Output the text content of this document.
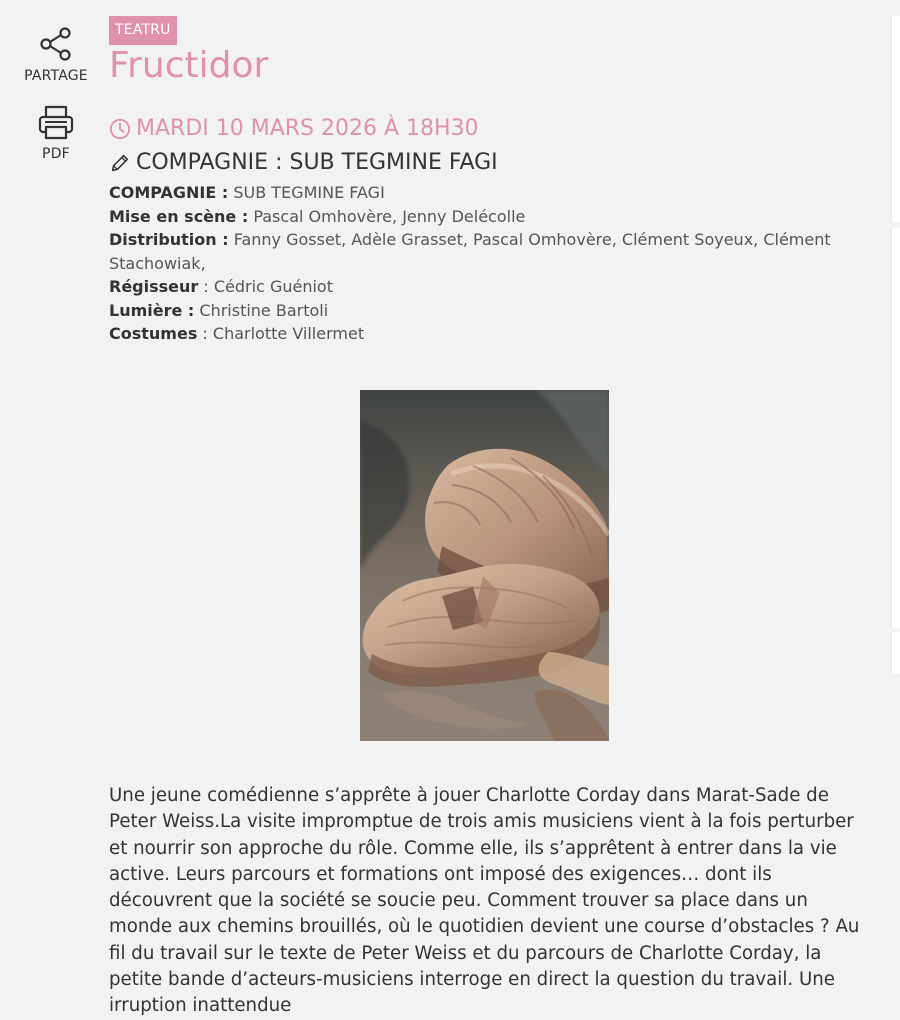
PARTAGE
PDF
TEATRU
Fructidor
MARDI 10 MARS 2026 À 18H30
COMPAGNIE : SUB TEGMINE FAGI
COMPAGNIE : SUB TEGMINE FAGI
Mise en scène : Pascal Omhovère, Jenny Delécolle
Distribution : Fanny Gosset, Adèle Grasset, Pascal Omhovère, Clément Soyeux, Clément Stachowiak,
Régisseur : Cédric Guéniot
Lumière : Christine Bartoli
Costumes : Charlotte Villermet

Une jeune comédienne s’apprête à jouer Charlotte Corday dans Marat-Sade de Peter Weiss.La visite impromptue de trois amis musiciens vient à la fois perturber et nourrir son approche du rôle. Comme elle, ils s’apprêtent à entrer dans la vie active. Leurs parcours et formations ont imposé des exigences… dont ils découvrent que la société se soucie peu. Comment trouver sa place dans un monde aux chemins brouillés, où le quotidien devient une course d’obstacles ? Au fil du travail sur le texte de Peter Weiss et du parcours de Charlotte Corday, la petite bande d’acteurs-musiciens interroge en direct la question du travail. Une irruption inattendue
